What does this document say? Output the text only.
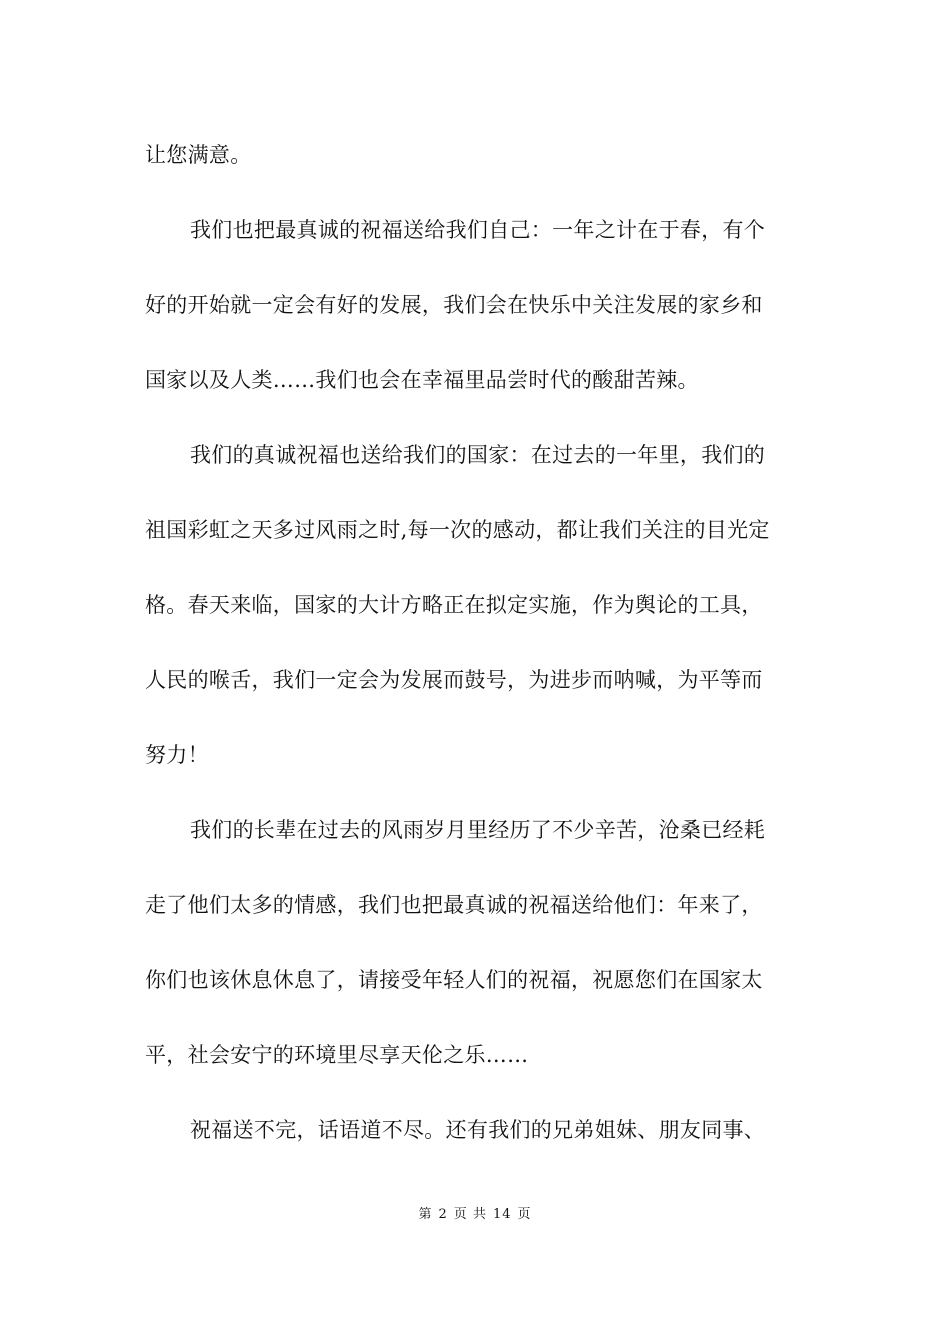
让您满意。
我们也把最真诚的祝福送给我们自己：一年之计在于春，有个
好的开始就一定会有好的发展，我们会在快乐中关注发展的家乡和
国家以及人类……我们也会在幸福里品尝时代的酸甜苦辣。
我们的真诚祝福也送给我们的国家：在过去的一年里，我们的
祖国彩虹之天多过风雨之时,每一次的感动，都让我们关注的目光定
格。春天来临，国家的大计方略正在拟定实施，作为舆论的工具，
人民的喉舌，我们一定会为发展而鼓号，为进步而呐喊，为平等而
努力！
我们的长辈在过去的风雨岁月里经历了不少辛苦，沧桑已经耗
走了他们太多的情感，我们也把最真诚的祝福送给他们：年来了，
你们也该休息休息了，请接受年轻人们的祝福，祝愿您们在国家太
平，社会安宁的环境里尽享天伦之乐……
祝福送不完，话语道不尽。还有我们的兄弟姐妹、朋友同事、
第 2 页 共 14 页
